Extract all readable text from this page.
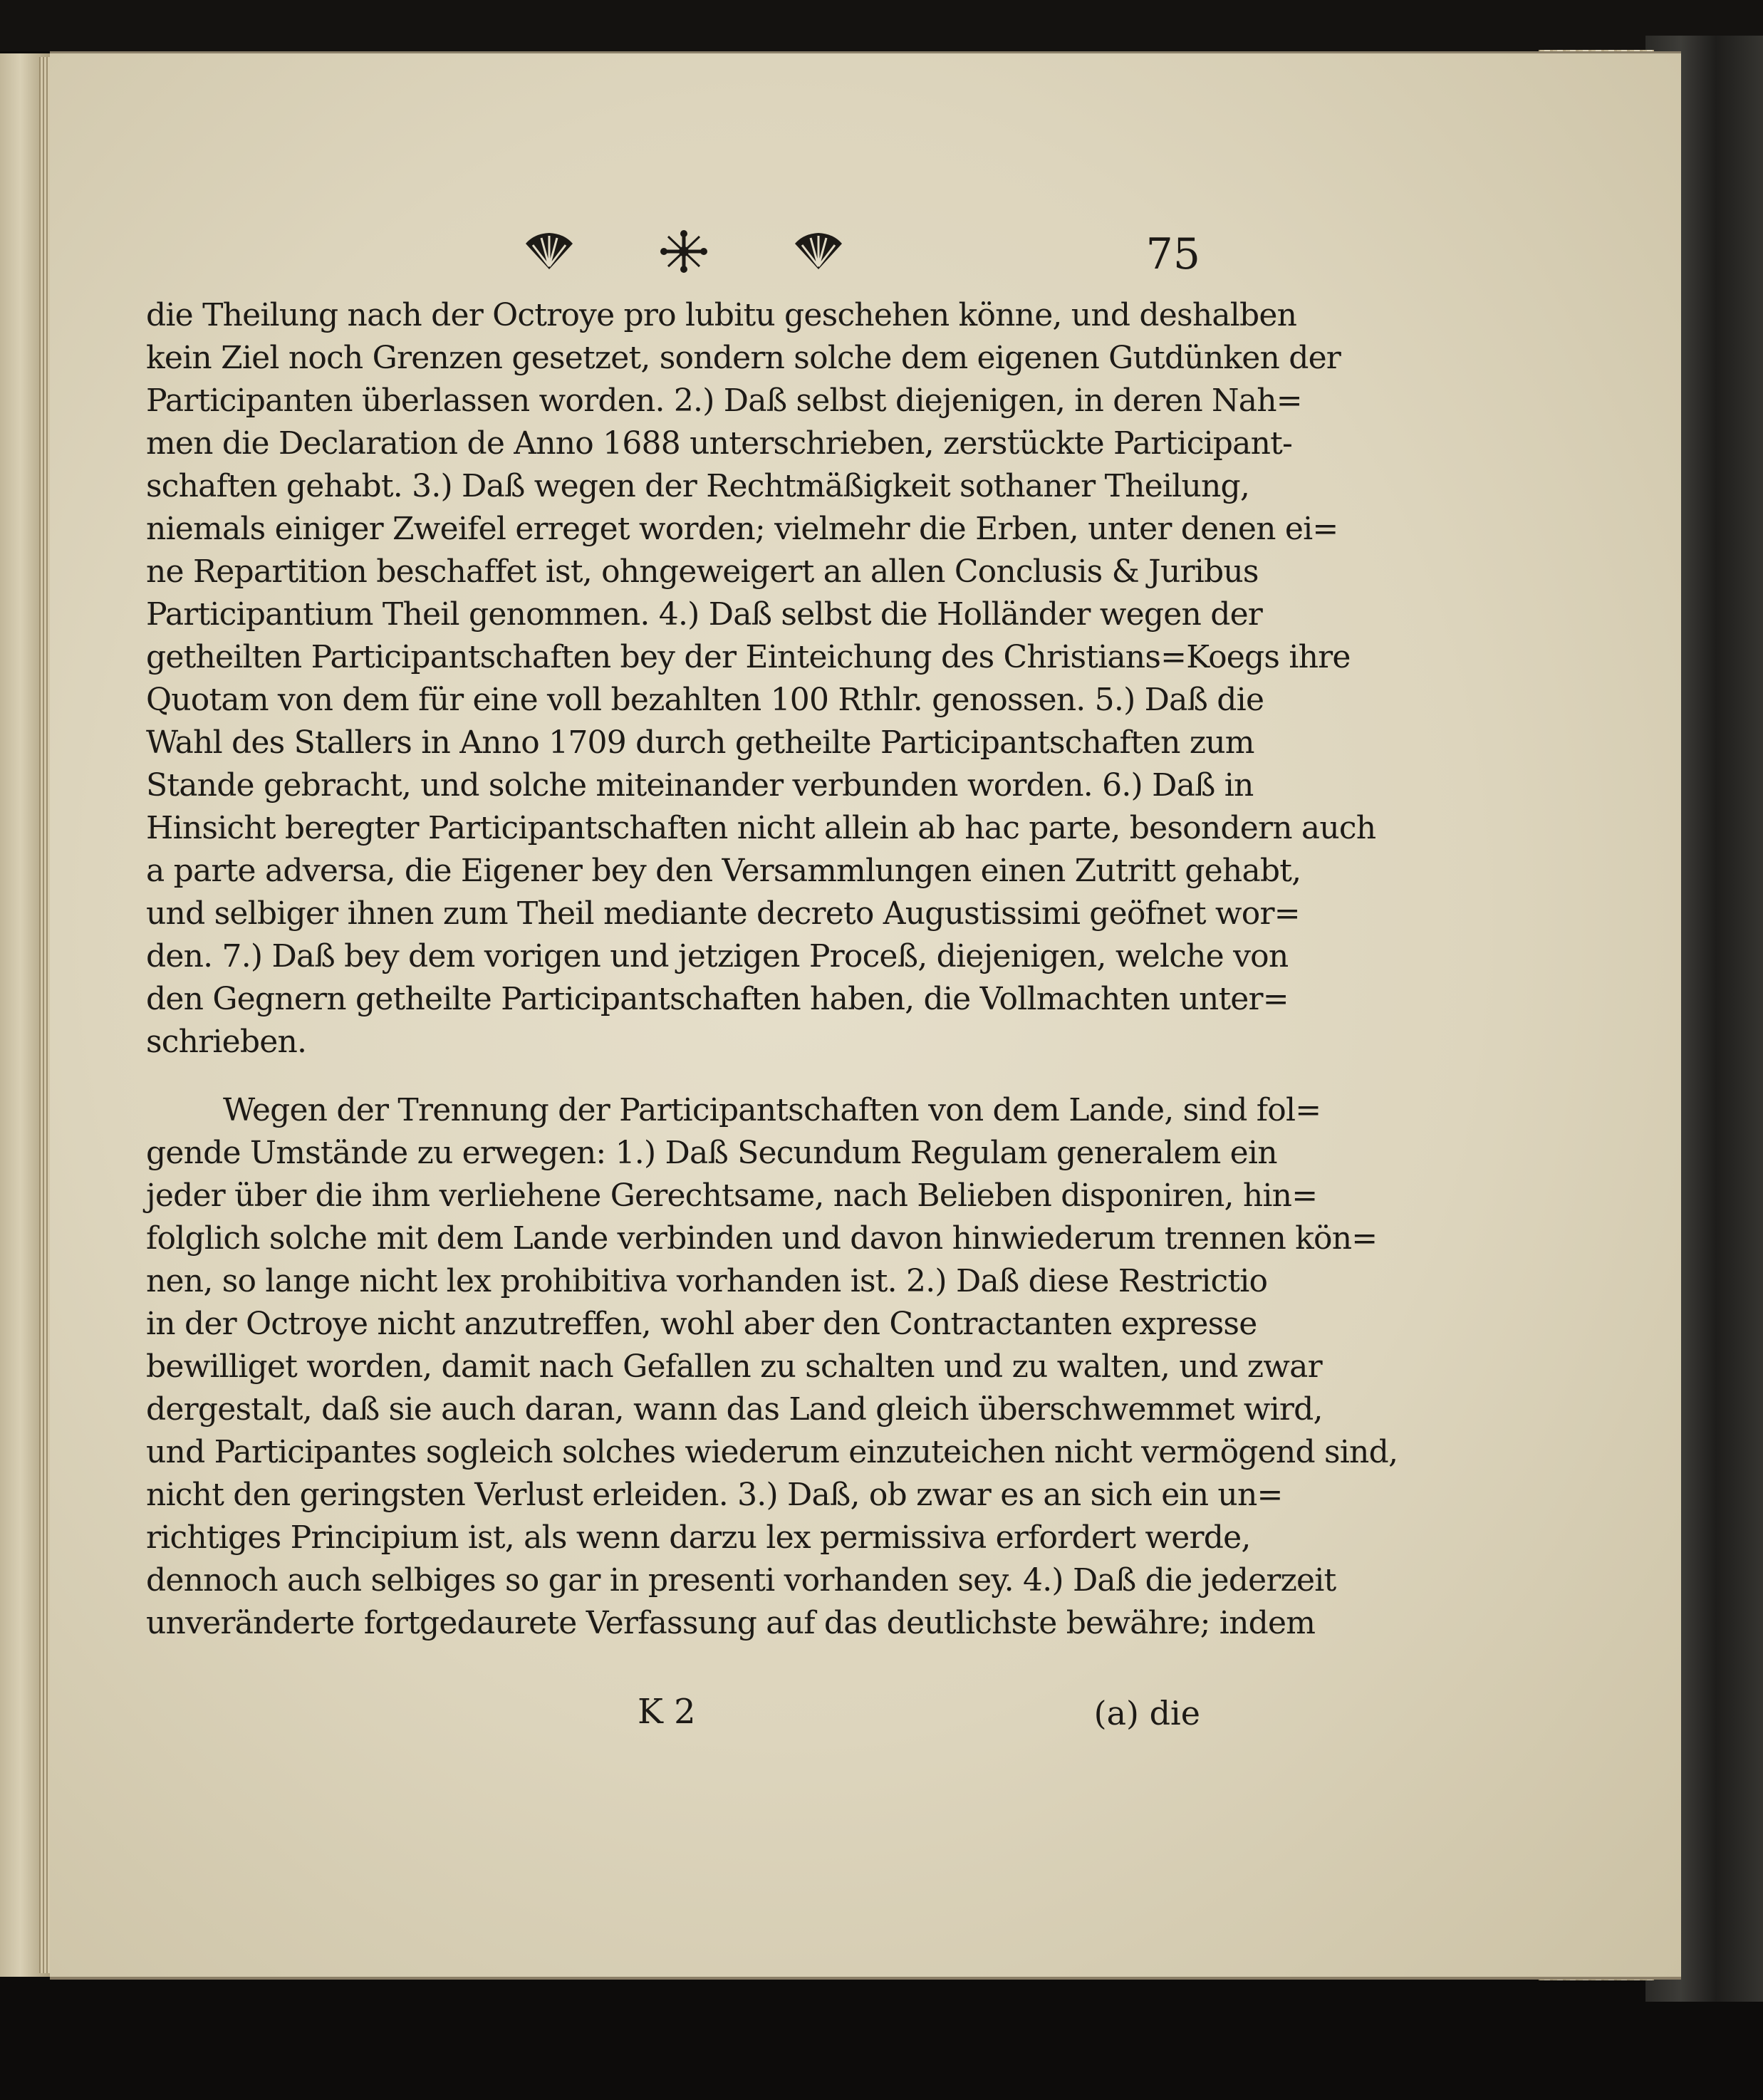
75
die Theilung nach der Octroye pro lubitu geschehen könne, und deshalben
kein Ziel noch Grenzen gesetzet, sondern solche dem eigenen Gutdünken der
Participanten überlassen worden. 2.) Daß selbst diejenigen, in deren Nah=
men die Declaration de Anno 1688 unterschrieben, zerstückte Participant-
schaften gehabt. 3.) Daß wegen der Rechtmäßigkeit sothaner Theilung,
niemals einiger Zweifel erreget worden; vielmehr die Erben, unter denen ei=
ne Repartition beschaffet ist, ohngeweigert an allen Conclusis & Juribus
Participantium Theil genommen. 4.) Daß selbst die Holländer wegen der
getheilten Participantschaften bey der Einteichung des Christians=Koegs ihre
Quotam von dem für eine voll bezahlten 100 Rthlr. genossen. 5.) Daß die
Wahl des Stallers in Anno 1709 durch getheilte Participantschaften zum
Stande gebracht, und solche miteinander verbunden worden. 6.) Daß in
Hinsicht beregter Participantschaften nicht allein ab hac parte, besondern auch
a parte adversa, die Eigener bey den Versammlungen einen Zutritt gehabt,
und selbiger ihnen zum Theil mediante decreto Augustissimi geöfnet wor=
den. 7.) Daß bey dem vorigen und jetzigen Proceß, diejenigen, welche von
den Gegnern getheilte Participantschaften haben, die Vollmachten unter=
schrieben.
Wegen der Trennung der Participantschaften von dem Lande, sind fol=
gende Umstände zu erwegen: 1.) Daß Secundum Regulam generalem ein
jeder über die ihm verliehene Gerechtsame, nach Belieben disponiren, hin=
folglich solche mit dem Lande verbinden und davon hinwiederum trennen kön=
nen, so lange nicht lex prohibitiva vorhanden ist. 2.) Daß diese Restrictio
in der Octroye nicht anzutreffen, wohl aber den Contractanten expresse
bewilliget worden, damit nach Gefallen zu schalten und zu walten, und zwar
dergestalt, daß sie auch daran, wann das Land gleich überschwemmet wird,
und Participantes sogleich solches wiederum einzuteichen nicht vermögend sind,
nicht den geringsten Verlust erleiden. 3.) Daß, ob zwar es an sich ein un=
richtiges Principium ist, als wenn darzu lex permissiva erfordert werde,
dennoch auch selbiges so gar in presenti vorhanden sey. 4.) Daß die jederzeit
unveränderte fortgedaurete Verfassung auf das deutlichste bewähre; indem
K 2	(a) die
